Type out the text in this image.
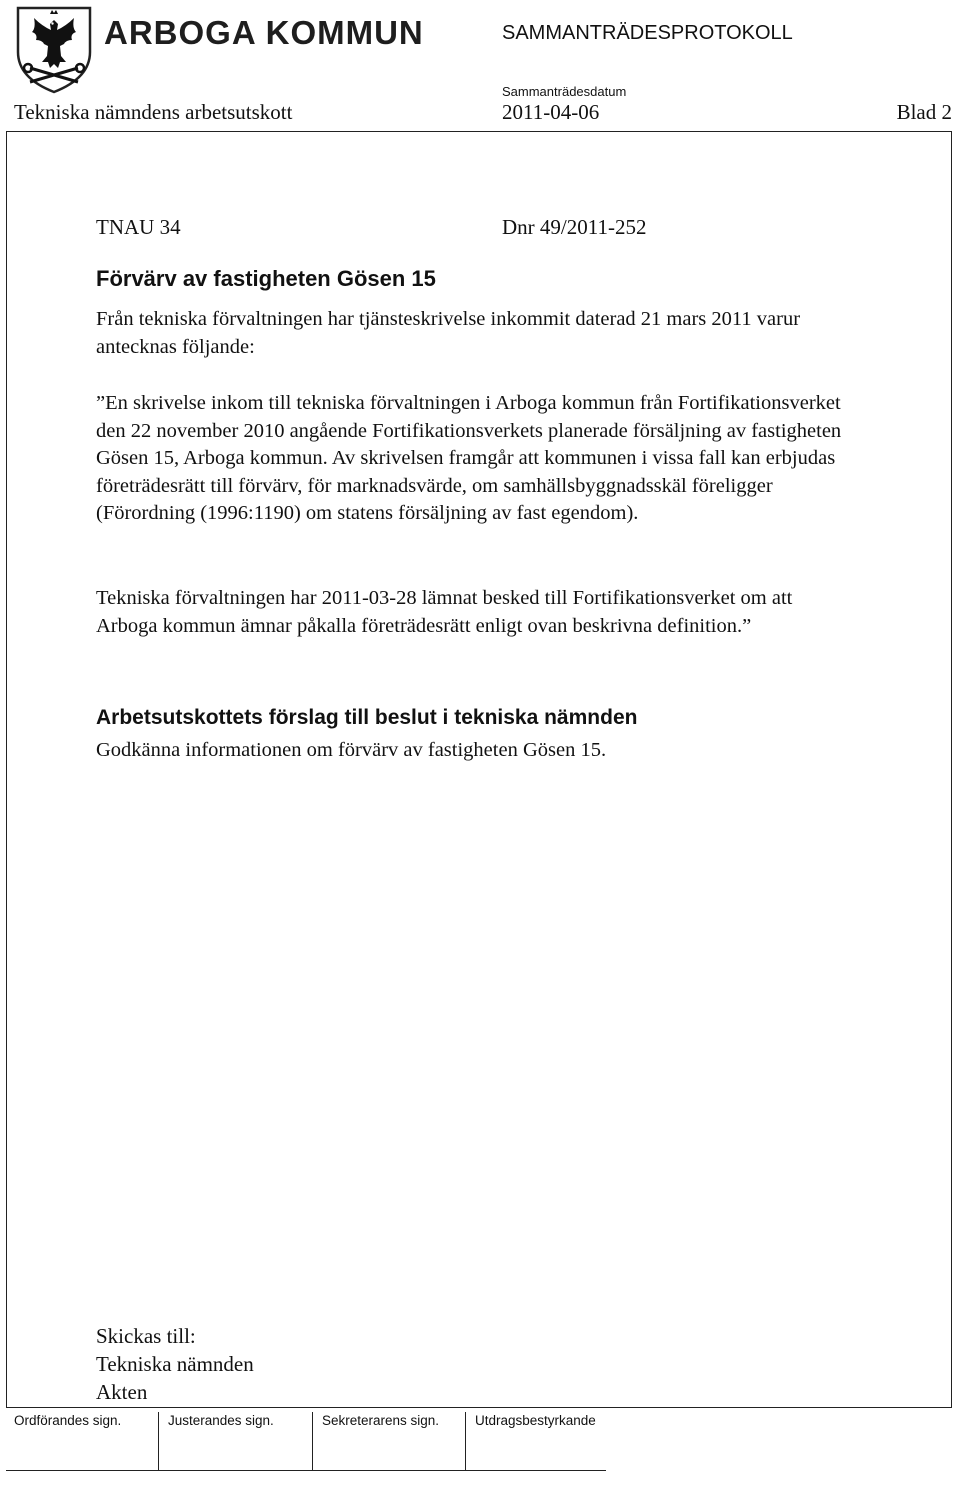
ARBOGA KOMMUN	SAMMANTRÄDESPROTOKOLL
Sammanträdesdatum
Tekniska nämndens arbetsutskott	2011-04-06	Blad 2
TNAU 34	Dnr 49/2011-252
Förvärv av fastigheten Gösen 15

Från tekniska förvaltningen har tjänsteskrivelse inkommit daterad 21 mars 2011 varur antecknas följande:

”En skrivelse inkom till tekniska förvaltningen i Arboga kommun från Fortifikationsverket den 22 november 2010 angående Fortifikationsverkets planerade försäljning av fastigheten Gösen 15, Arboga kommun. Av skrivelsen framgår att kommunen i vissa fall kan erbjudas företrädesrätt till förvärv, för marknadsvärde, om samhällsbyggnadsskäl föreligger (Förordning (1996:1190) om statens försäljning av fast egendom).

Tekniska förvaltningen har 2011-03-28 lämnat besked till Fortifikationsverket om att Arboga kommun ämnar påkalla företrädesrätt enligt ovan beskrivna definition.”

Arbetsutskottets förslag till beslut i tekniska nämnden

Godkänna informationen om förvärv av fastigheten Gösen 15.

Skickas till:
Tekniska nämnden
Akten
Ordförandes sign.	Justerandes sign.	Sekreterarens sign.	Utdragsbestyrkande
